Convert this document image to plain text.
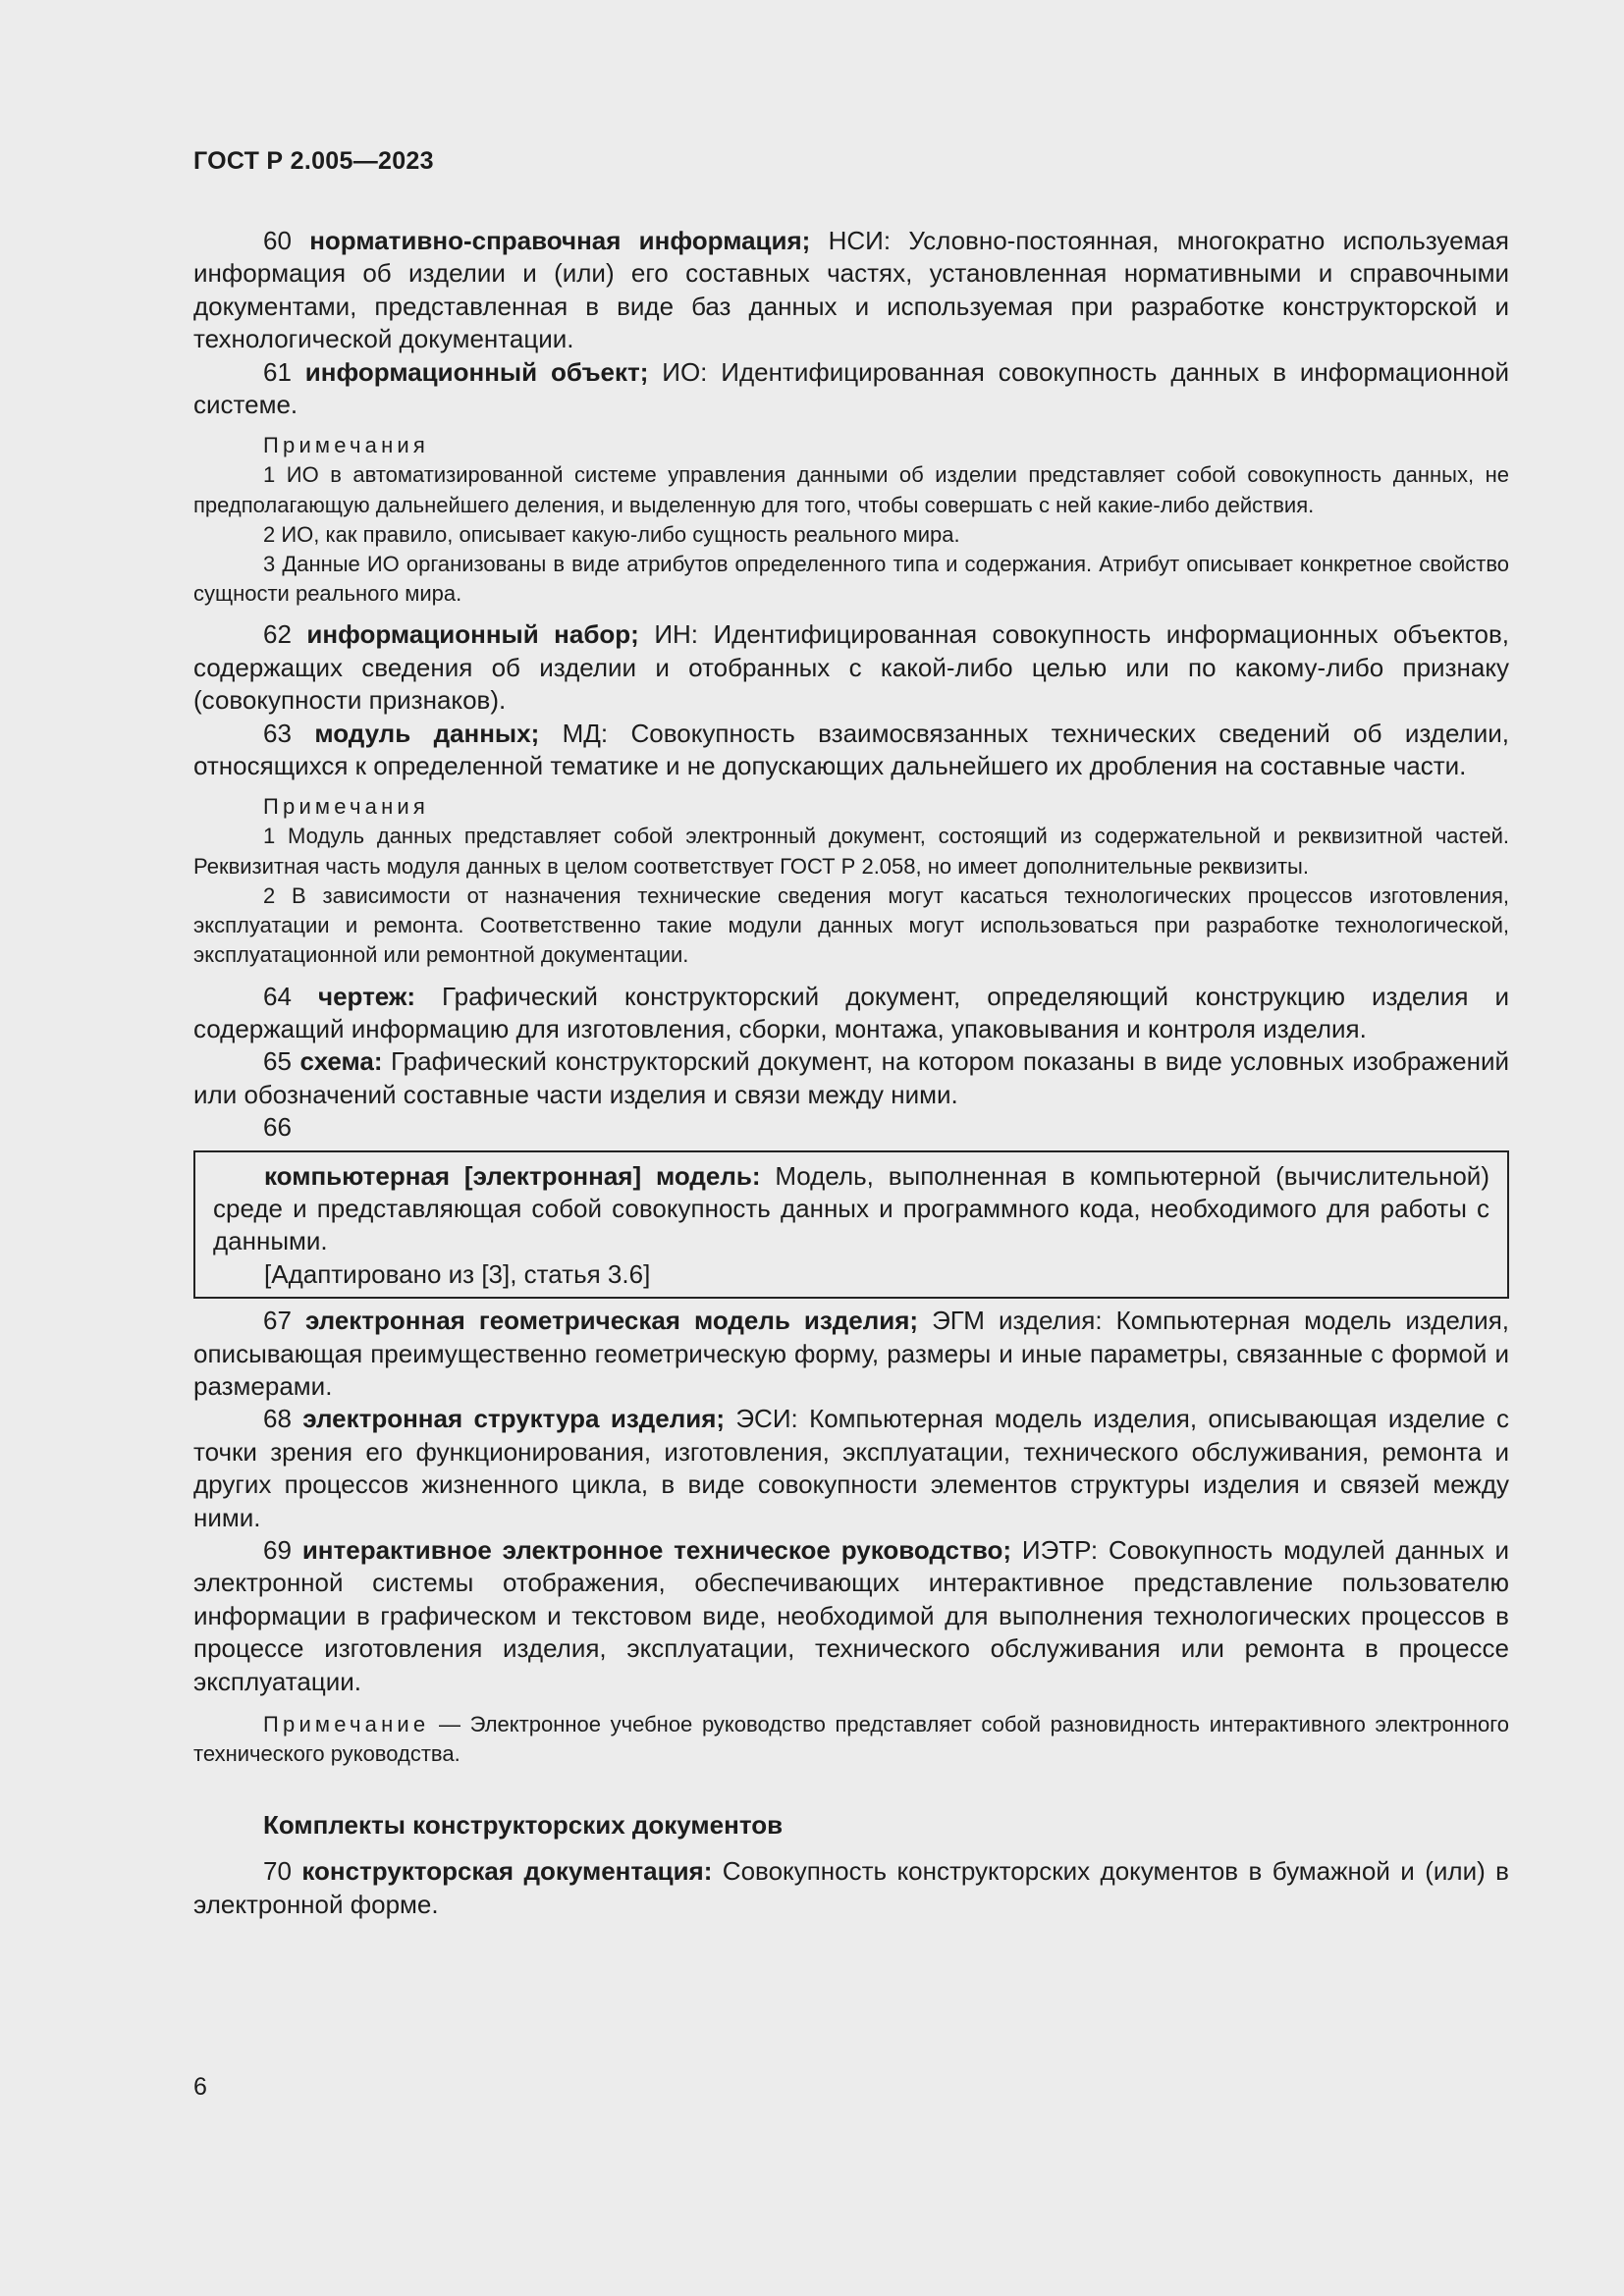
ГОСТ Р 2.005—2023

60 нормативно-справочная информация; НСИ: Условно-постоянная, многократно используемая информация об изделии и (или) его составных частях, установленная нормативными и справочными документами, представленная в виде баз данных и используемая при разработке конструкторской и технологической документации.

61 информационный объект; ИО: Идентифицированная совокупность данных в информационной системе.

Примечания

1 ИО в автоматизированной системе управления данными об изделии представляет собой совокупность данных, не предполагающую дальнейшего деления, и выделенную для того, чтобы совершать с ней какие-либо действия.

2 ИО, как правило, описывает какую-либо сущность реального мира.

3 Данные ИО организованы в виде атрибутов определенного типа и содержания. Атрибут описывает конкретное свойство сущности реального мира.

62 информационный набор; ИН: Идентифицированная совокупность информационных объектов, содержащих сведения об изделии и отобранных с какой-либо целью или по какому-либо признаку (совокупности признаков).

63 модуль данных; МД: Совокупность взаимосвязанных технических сведений об изделии, относящихся к определенной тематике и не допускающих дальнейшего их дробления на составные части.

Примечания

1 Модуль данных представляет собой электронный документ, состоящий из содержательной и реквизитной частей. Реквизитная часть модуля данных в целом соответствует ГОСТ Р 2.058, но имеет дополнительные реквизиты.

2 В зависимости от назначения технические сведения могут касаться технологических процессов изготовления, эксплуатации и ремонта. Соответственно такие модули данных могут использоваться при разработке технологической, эксплуатационной или ремонтной документации.

64 чертеж: Графический конструкторский документ, определяющий конструкцию изделия и содержащий информацию для изготовления, сборки, монтажа, упаковывания и контроля изделия.

65 схема: Графический конструкторский документ, на котором показаны в виде условных изображений или обозначений составные части изделия и связи между ними.

66

компьютерная [электронная] модель: Модель, выполненная в компьютерной (вычислительной) среде и представляющая собой совокупность данных и программного кода, необходимого для работы с данными.

[Адаптировано из [3], статья 3.6]

67 электронная геометрическая модель изделия; ЭГМ изделия: Компьютерная модель изделия, описывающая преимущественно геометрическую форму, размеры и иные параметры, связанные с формой и размерами.

68 электронная структура изделия; ЭСИ: Компьютерная модель изделия, описывающая изделие с точки зрения его функционирования, изготовления, эксплуатации, технического обслуживания, ремонта и других процессов жизненного цикла, в виде совокупности элементов структуры изделия и связей между ними.

69 интерактивное электронное техническое руководство; ИЭТР: Совокупность модулей данных и электронной системы отображения, обеспечивающих интерактивное представление пользователю информации в графическом и текстовом виде, необходимой для выполнения технологических процессов в процессе изготовления изделия, эксплуатации, технического обслуживания или ремонта в процессе эксплуатации.

Примечание — Электронное учебное руководство представляет собой разновидность интерактивного электронного технического руководства.

Комплекты конструкторских документов

70 конструкторская документация: Совокупность конструкторских документов в бумажной и (или) в электронной форме.

6
